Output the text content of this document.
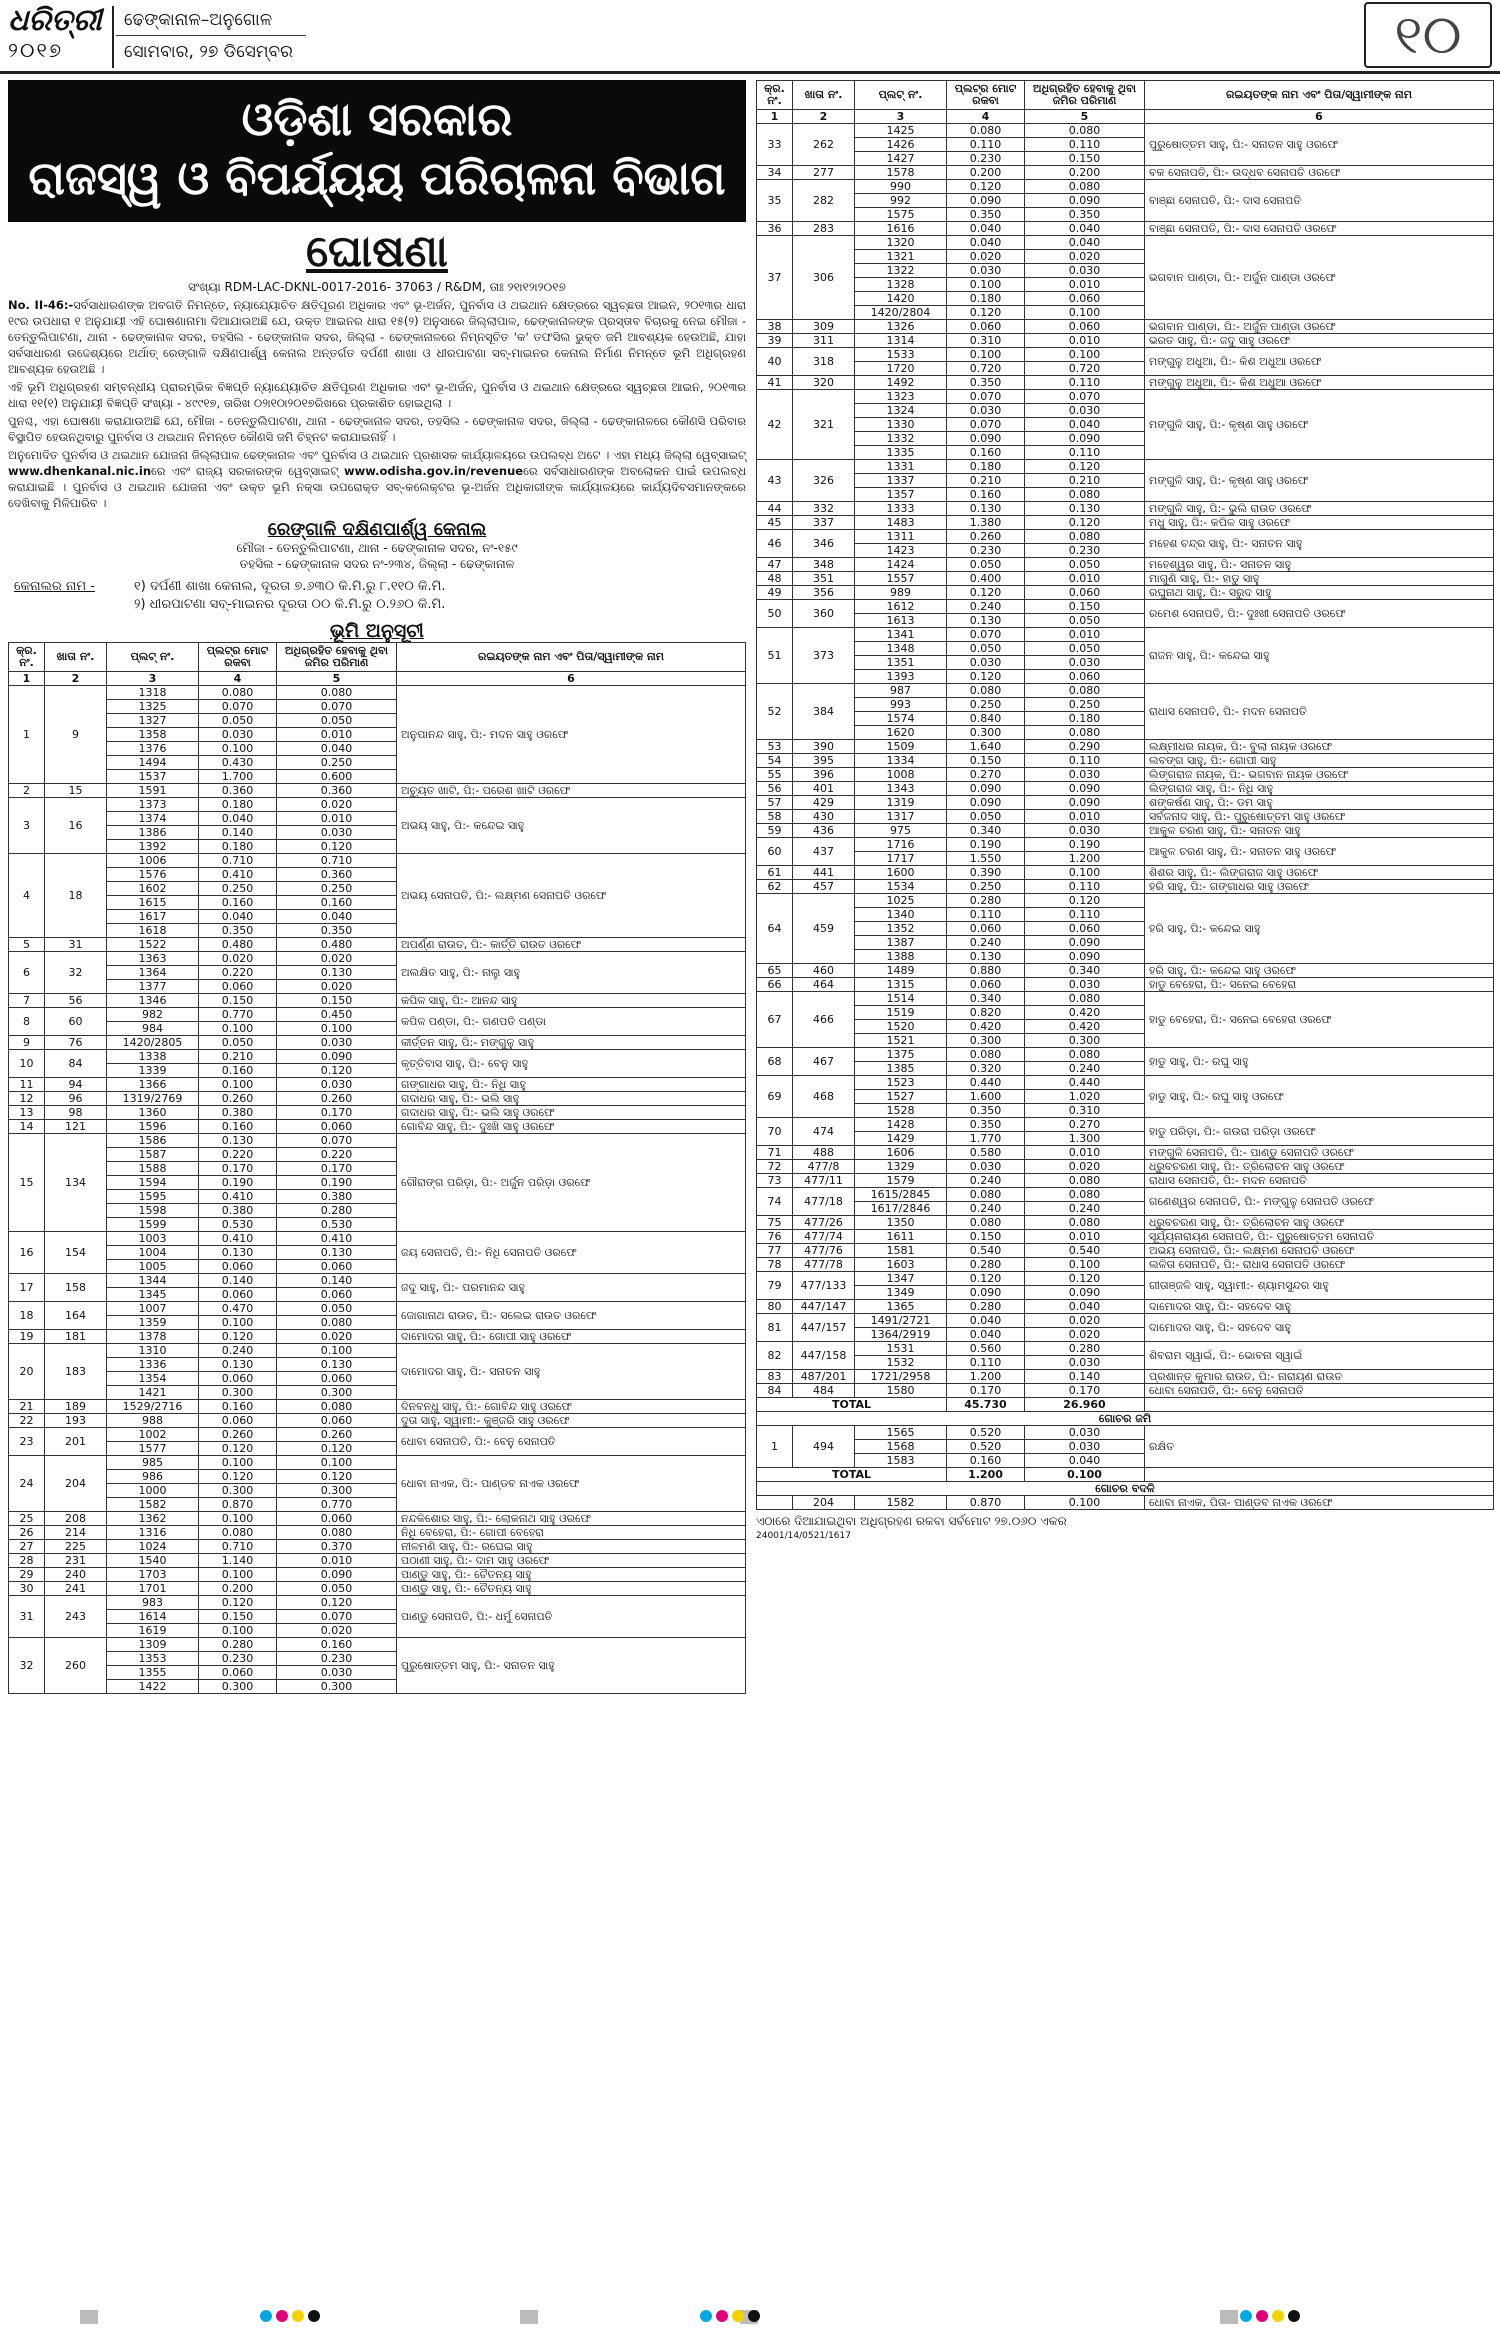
ଧରିତ୍ରୀ
୨୦୧୭
ଢେଙ୍କାନାଳ–ଅନୁଗୋଳ
ସୋମବାର, ୨୭ ଡିସେମ୍ବର	୧୦
ଓଡ଼ିଶା ସରକାର
ରାଜସ୍ୱ ଓ ବିପର୍ଯ୍ୟୟ ପରିଚାଳନା ବିଭାଗ
ଘୋଷଣା
ସଂଖ୍ୟା RDM-LAC-DKNL-0017-2016- 37063 / R&DM, ତାଃ ୨୧ା୧୨ା୨୦୧୭

No. II-46:-ସର୍ବସାଧାରଣଙ୍କ ଅବଗତି ନିମନ୍ତେ, ନ୍ୟାଯ୍ୟୋଚିତ କ୍ଷତିପୂରଣ ଅଧିକାର ଏବଂ ଭୂ-ଅର୍ଜନ, ପୁନର୍ବାସ ଓ ଥଇଥାନ କ୍ଷେତ୍ରରେ ସ୍ୱଚ୍ଛତା ଆଇନ, ୨୦୧୩ର ଧାରା ୧୯ର ଉପଧାରା ୧ ଅନୁଯାୟୀ ଏହି ଘୋଷଣାନାମା ଦିଆଯାଉଅଛି ଯେ, ଉକ୍ତ ଆଇନର ଧାରା ୧୫(୨) ଅନୁସାରେ ଜିଲ୍ଲାପାଳ, ଢେଙ୍କାନାଳଙ୍କ ପ୍ରସ୍ତାବ ବିଚାରକୁ ନେଇ ମୌଜା - ତେନ୍ତୁଲିପାଟଣା, ଥାନା - ଢେଙ୍କାନାଳ ସଦର, ତହସିଲ - ଢେଙ୍କାନାଳ ସଦର, ଜିଲ୍ଲା - ଢେଙ୍କାନାଳରେ ନିମ୍ନସୂଚିତ 'କ' ତଫସିଲ ଭୁକ୍ତ ଜମି ଆବଶ୍ୟକ ହେଉଅଛି, ଯାହା ସର୍ବସାଧାରଣ ଉଦ୍ଦେଶ୍ୟରେ ଅର୍ଥାତ୍ ରେଙ୍ଗାଳି ଦକ୍ଷିଣପାର୍ଶ୍ୱ କେନାଲ ଅନ୍ତର୍ଗତ ଦର୍ପଣୀ ଶାଖା ଓ ଧୀରପାଟଣା ସବ୍-ମାଇନର କେନାଲ ନିର୍ମାଣ ନିମନ୍ତେ ଭୂମି ଅଧିଗ୍ରହଣ ଆବଶ୍ୟକ ହେଉଅଛି ।

ଏହି ଭୂମି ଅଧିଗ୍ରହଣ ସମ୍ବନ୍ଧୀୟ ପ୍ରାରମ୍ଭିକ ବିଜ୍ଞପ୍ତି ନ୍ୟାଯ୍ୟୋଚିତ କ୍ଷତିପୂରଣ ଅଧିକାର ଏବଂ ଭୂ-ଅର୍ଜନ, ପୁନର୍ବାସ ଓ ଥଇଥାନ କ୍ଷେତ୍ରରେ ସ୍ୱଚ୍ଛତା ଆଇନ, ୨୦୧୩ର ଧାରା ୧୧(୧) ଅନୁଯାୟୀ ବିଜ୍ଞପ୍ତି ସଂଖ୍ୟା - ୪୯୯୧୭, ତାରିଖ ୦୨ା୧୦ା୨୦୧୭ରିଖରେ ପ୍ରକାଶିତ ହୋଇଥିଲା ।

ପୁନଶ୍ଚ, ଏହା ଘୋଷଣା କରାଯାଉଅଛି ଯେ, ମୌଜା - ତେନ୍ତୁଲିପାଟଣା, ଥାନା - ଢେଙ୍କାନାଳ ସଦର, ତହସିଲ - ଢେଙ୍କାନାଳ ସଦର, ଜିଲ୍ଲା - ଢେଙ୍କାନାଳରେ କୌଣସି ପରିବାର ବିସ୍ଥାପିତ ହେଉନଥିବାରୁ ପୁନର୍ବାସ ଓ ଥଇଥାନ ନିମନ୍ତେ କୌଣସି ଜମି ଚିହ୍ନଟ କରାଯାଇନାହିଁ ।

ଅନୁମୋଦିତ ପୁନର୍ବାସ ଓ ଥଇଥାନ ଯୋଜନା ଜିଲ୍ଲାପାଳ ଢେଙ୍କାନାଳ ଏବଂ ପୁନର୍ବାସ ଓ ଥଇଥାନ ପ୍ରଶାସକ କାର୍ଯ୍ୟାଳୟରେ ଉପଲବ୍ଧ ଅଟେ । ଏହା ମଧ୍ୟ ଜିଲ୍ଲା ୱେବ୍‌ସାଇଟ୍ www.dhenkanal.nic.inରେ ଏବଂ ରାଜ୍ୟ ସରକାରଙ୍କ ୱେବ୍‌ସାଇଟ୍ www.odisha.gov.in/revenueରେ ସର୍ବସାଧାରଣଙ୍କ ଅବଲୋକନ ପାଇଁ ଉପଲବ୍ଧ କରାଯାଇଛି । ପୁନର୍ବାସ ଓ ଥଇଥାନ ଯୋଜନା ଏବଂ ଉକ୍ତ ଭୂମି ନକ୍ସା ଉପରୋକ୍ତ ସବ୍-କଲେକ୍ଟର ଭୂ-ଅର୍ଜନ ଅଧିକାରୀଙ୍କ କାର୍ଯ୍ୟାଳୟରେ କାର୍ଯ୍ୟଦିବସମାନଙ୍କରେ ଦେଖିବାକୁ ମିଳିପାରିବ ।

ରେଙ୍ଗାଳି ଦକ୍ଷିଣପାର୍ଶ୍ୱ କେନାଲ
ମୌଜା - ତେନ୍ତୁଲିପାଟଣା, ଥାନା - ଢେଙ୍କାନାଳ ସଦର, ନଂ-୧୫୯
ତହସିଲ - ଢେଙ୍କାନାଳ ସଦର ନଂ-୨୩୪, ଜିଲ୍ଲା - ଢେଙ୍କାନାଳ
କେନାଲର ନାମ -	୧) ଦର୍ପଣୀ ଶାଖା କେନାଲ, ଦୂରତା ୭.୬୩୦ କି.ମି.ରୁ ୮.୧୧୦ କି.ମି.
୨) ଧୀରପାଟଣା ସବ୍-ମାଇନର ଦୂରତା ୦୦ କି.ମି.ରୁ ୦.୨୬୦ କି.ମି.
ଭୂମି ଅନୁସୂଚୀ
କ୍ର. ନଂ.	ଖାତା ନଂ.	ପ୍ଲଟ୍ ନଂ.	ପ୍ଲଟ୍‌ର ମୋଟ ରକବା	ଅଧିଗ୍ରହିତ ହେବାକୁ ଥିବା ଜମିର ପରିମାଣ	ରଇୟତଙ୍କ ନାମ ଏବଂ ପିତା/ସ୍ୱାମୀଙ୍କ ନାମ
1	2	3	4	5	6
1	9	1318	0.080	0.080	ଅନୁପାନନ୍ଦ ସାହୁ, ପି:- ମଦନ ସାହୁ ଓରଫେ
		1325	0.070	0.070	
		1327	0.050	0.050	
		1358	0.030	0.010	
		1376	0.100	0.040	
		1494	0.430	0.250	
		1537	1.700	0.600	
2	15	1591	0.360	0.360	ଅଚ୍ୟୁତ ଖାଟି, ପି:- ପରେଶ ଖାଟି ଓରଫେ
3	16	1373	0.180	0.020	ଅଭୟ ସାହୁ, ପି:- କନ୍ଦେଇ ସାହୁ
		1374	0.040	0.010	
		1386	0.140	0.030	
		1392	0.180	0.120	
4	18	1006	0.710	0.710	ଅଭୟ ସେନାପତି, ପି:- ଲକ୍ଷ୍ମଣ ସେନାପତି ଓରଫେ
		1576	0.410	0.360	
		1602	0.250	0.250	
		1615	0.160	0.160	
		1617	0.040	0.040	
		1618	0.350	0.350	
5	31	1522	0.480	0.480	ଅପର୍ଣ୍ଣ ରାଉତ, ପି:- କାର୍ତ୍ତି ରାଉତ ଓରଫେ
6	32	1363	0.020	0.020	ଅଲକ୍ଷିତ ସାହୁ, ପି:- ନାଲୁ ସାହୁ
		1364	0.220	0.130	
		1377	0.060	0.020	
7	56	1346	0.150	0.150	କପିଳ ସାହୁ, ପି:- ଆନନ୍ଦ ସାହୁ
8	60	982	0.770	0.450	କପିଳ ପଣ୍ଡା, ପି:- ଗଣପତି ପଣ୍ଡା
		984	0.100	0.100	
9	76	1420/2805	0.050	0.030	କୀର୍ତ୍ତନ ସାହୁ, ପି:- ମଙ୍ଗୁଳୁ ସାହୁ
10	84	1338	0.210	0.090	କୃତ୍ତିବାସ ସାହୁ, ପି:- ବେନୁ ସାହୁ
		1339	0.160	0.120	
11	94	1366	0.100	0.030	ଗଙ୍ଗାଧର ସାହୁ, ପି:- ନିଧି ସାହୁ
12	96	1319/2769	0.260	0.260	ଗଦାଧର ସାହୁ, ପି:- ଭଲି ସାହୁ
13	98	1360	0.380	0.170	ଗଦାଧର ସାହୁ, ପି:- ଭଲି ସାହୁ ଓରଫେ
14	121	1596	0.160	0.060	ଗୋବିନ୍ଦ ସାହୁ, ପି:- ଦୁଃଖି ସାହୁ ଓରଫେ
15	134	1586	0.130	0.070	ଗୌରାଙ୍ଗ ପରିଡ଼ା, ପି:- ଅର୍ଜୁନ ପରିଡ଼ା ଓରଫେ
		1587	0.220	0.220	
		1588	0.170	0.170	
		1594	0.190	0.190	
		1595	0.410	0.380	
		1598	0.380	0.280	
		1599	0.530	0.530	
16	154	1003	0.410	0.410	ଜୟ ସେନାପତି, ପି:- ନିଧି ସେନାପତି ଓରଫେ
		1004	0.130	0.130	
		1005	0.060	0.060	
17	158	1344	0.140	0.140	ଜଦୁ ସାହୁ, ପି:- ପରମାନନ୍ଦ ସାହୁ
		1345	0.060	0.060	
18	164	1007	0.470	0.050	ଜୋଗାନାଥ ରାଉତ, ପି:- ସଲେଇ ରାଉତ ଓରଫେ
		1359	0.100	0.080	
19	181	1378	0.120	0.020	ଦାମୋଦର ସାହୁ, ପି:- ଗୋପୀ ସାହୁ ଓରଫେ
20	183	1310	0.240	0.100	ଦାମୋଦର ସାହୁ, ପି:- ସନାତନ ସାହୁ
		1336	0.130	0.130	
		1354	0.060	0.060	
		1421	0.300	0.300	
21	189	1529/2716	0.160	0.080	ଦିନବନ୍ଧୁ ସାହୁ, ପି:- ଗୋବିନ୍ଦ ସାହୁ ଓରଫେ
22	193	988	0.060	0.060	ଦୁତା ସାହୁ, ସ୍ୱାମୀ:- କୁଞ୍ଜରି ସାହୁ ଓରଫେ
23	201	1002	0.260	0.260	ଧୋବା ସେନାପତି, ପି:- ବେନୁ ସେନାପତି
		1577	0.120	0.120	
24	204	985	0.100	0.100	ଧୋବା ନାଏକ, ପି:- ପାଣ୍ଡବ ନାଏକ ଓରଫେ
		986	0.120	0.120	
		1000	0.300	0.300	
		1582	0.870	0.770	
25	208	1362	0.100	0.060	ନନ୍ଦକିଶୋର ସାହୁ, ପି:- ଲୋକନାଥ ସାହୁ ଓରଫେ
26	214	1316	0.080	0.080	ନିଧି ବେହେରା, ପି:- ଗୋପୀ ବେହେରା
27	225	1024	0.710	0.370	ନୀଳମଣି ସାହୁ, ପି:- ରଘେଇ ସାହୁ
28	231	1540	1.140	0.010	ପଠାଣୀ ସାହୁ, ପି:- ଦାମ ସାହୁ ଓରଫେ
29	240	1703	0.100	0.090	ପାଣ୍ଡୁ ସାହୁ, ପି:- ଚୈତନ୍ୟ ସାହୁ
30	241	1701	0.200	0.050	ପାଣ୍ଡୁ ସାହୁ, ପି:- ଚୈତନ୍ୟ ସାହୁ
31	243	983	0.120	0.120	ପାଣ୍ଡୁ ସେନାପତି, ପି:- ଧର୍ମୁ ସେନାପତି
		1614	0.150	0.070	
		1619	0.100	0.020	
32	260	1309	0.280	0.160	ପୁରୁଷୋତ୍ତମ ସାହୁ, ପି:- ସନାତନ ସାହୁ
		1353	0.230	0.230	
		1355	0.060	0.030	
		1422	0.300	0.300	
କ୍ର. ନଂ.	ଖାତା ନଂ.	ପ୍ଲଟ୍ ନଂ.	ପ୍ଲଟ୍‌ର ମୋଟ ରକବା	ଅଧିଗ୍ରହିତ ହେବାକୁ ଥିବା ଜମିର ପରିମାଣ	ରଇୟତଙ୍କ ନାମ ଏବଂ ପିତା/ସ୍ୱାମୀଙ୍କ ନାମ
1	2	3	4	5	6
33	262	1425	0.080	0.080	ପୁରୁଷୋତ୍ତମ ସାହୁ, ପି:- ସନାତନ ସାହୁ ଓରଫେ
		1426	0.110	0.110	
		1427	0.230	0.150	
34	277	1578	0.200	0.200	ବକ ସେନାପତି, ପି:- ଉଦ୍ଧବ ସେନାପତି ଓରଫେ
35	282	990	0.120	0.080	ବାଞ୍ଛା ସେନାପତି, ପି:- ଦାସ ସେନାପତି
		992	0.090	0.090	
		1575	0.350	0.350	
36	283	1616	0.040	0.040	ବାଞ୍ଛା ସେନାପତି, ପି:- ଦାସ ସେନାପତି ଓରଫେ
37	306	1320	0.040	0.040	ଭଗବାନ ପାଣ୍ଡା, ପି:- ଅର୍ଜୁନ ପାଣ୍ଡା ଓରଫେ
		1321	0.020	0.020	
		1322	0.030	0.030	
		1328	0.100	0.010	
		1420	0.180	0.060	
		1420/2804	0.120	0.100	
38	309	1326	0.060	0.060	ଭଗବାନ ପାଣ୍ଡା, ପି:- ଅର୍ଜୁନ ପାଣ୍ଡା ଓରଫେ
39	311	1314	0.310	0.010	ଭରତ ସାହୁ, ପି:- ଜଦୁ ସାହୁ ଓରଫେ
40	318	1533	0.100	0.100	ମଙ୍ଗୁଳୁ ଅଧୁଆ, ପି:- କିଶ ଅଧୁଆ ଓରଫେ
		1720	0.720	0.720	
41	320	1492	0.350	0.110	ମଙ୍ଗୁଳୁ ଅଧୁଆ, ପି:- କିଶ ଅଧୁଆ ଓରଫେ
42	321	1323	0.070	0.070	ମଙ୍ଗୁଳି ସାହୁ, ପି:- କୃଷ୍ଣ ସାହୁ ଓରଫେ
		1324	0.030	0.030	
		1330	0.070	0.040	
		1332	0.090	0.090	
		1335	0.160	0.110	
43	326	1331	0.180	0.120	ମଙ୍ଗୁଳି ସାହୁ, ପି:- କୃଷ୍ଣ ସାହୁ ଓରଫେ
		1337	0.210	0.210	
		1357	0.160	0.080	
44	332	1333	0.130	0.130	ମଙ୍ଗୁଳି ସାହୁ, ପି:- ଭୁଲି ରାଉତ ଓରଫେ
45	337	1483	1.380	0.120	ମଧୁ ସାହୁ, ପି:- କପିଳ ସାହୁ ଓରଫେ
46	346	1311	0.260	0.080	ମହେଶ ଚନ୍ଦ୍ର ସାହୁ, ପି:- ସନାତନ ସାହୁ
		1423	0.230	0.230	
47	348	1424	0.050	0.050	ମହେଶ୍ୱର ସାହୁ, ପି:- ସନାତନ ସାହୁ
48	351	1557	0.400	0.010	ମାଗୁଣି ସାହୁ, ପି:- ହାଡୁ ସାହୁ
49	356	989	0.120	0.060	ରଘୁନାଥ ସାହୁ, ପି:- ସରୁଦ ସାହୁ
50	360	1612	0.240	0.150	ରମେଶ ସେନାପତି, ପି:- ଦୁଃଖୀ ସେନାପତି ଓରଫେ
		1613	0.130	0.050	
51	373	1341	0.070	0.010	ରାଜନ ସାହୁ, ପି:- କନ୍ଦେଇ ସାହୁ
		1348	0.050	0.050	
		1351	0.030	0.030	
		1393	0.120	0.060	
52	384	987	0.080	0.080	ରାଧାସ ସେନାପତି, ପି:- ମଦନ ସେନାପତି
		993	0.250	0.250	
		1574	0.840	0.180	
		1620	0.300	0.080	
53	390	1509	1.640	0.290	ଲକ୍ଷ୍ମୀଧର ନାୟକ, ପି:- ବୁଲା ନାୟକ ଓରଫେ
54	395	1334	0.150	0.110	ଲବଙ୍ଗ ସାହୁ, ପି:- ଗୋପୀ ସାହୁ
55	396	1008	0.270	0.030	ଲିଙ୍ଗରାଜ ନାୟକ, ପି:- ଭଗବାନ ନାୟକ ଓରଫେ
56	401	1343	0.090	0.090	ଲିଙ୍ଗରାଜ ସାହୁ, ପି:- ନିଧି ସାହୁ
57	429	1319	0.090	0.090	ଶଙ୍କର୍ଷଣ ସାହୁ, ପି:- ଡମ ସାହୁ
58	430	1317	0.050	0.010	ସର୍ବଜନାଦ ସାହୁ, ପି:- ପୁରୁଷୋତ୍ତମ ସାହୁ ଓରଫେ
59	436	975	0.340	0.030	ଆକୁଳ ଚରଣ ସାହୁ, ପି:- ସନାତନ ସାହୁ
60	437	1716	0.190	0.190	ଆକୁଳ ଚରଣ ସାହୁ, ପି:- ସନାତନ ସାହୁ ଓରଫେ
		1717	1.550	1.200	
61	441	1600	0.390	0.100	ଶିଶର ସାହୁ, ପି:- ଲିଙ୍ଗରାଜ ସାହୁ ଓରଫେ
62	457	1534	0.250	0.110	ହରି ସାହୁ, ପି:- ଗଙ୍ଗାଧର ସାହୁ ଓରଫେ
64	459	1025	0.280	0.120	ହରି ସାହୁ, ପି:- କନ୍ଦେଇ ସାହୁ
		1340	0.110	0.110	
		1352	0.060	0.060	
		1387	0.240	0.090	
		1388	0.130	0.090	
65	460	1489	0.880	0.340	ହରି ସାହୁ, ପି:- କନ୍ଦେଇ ସାହୁ ଓରଫେ
66	464	1315	0.060	0.030	ହାଡୁ ବେହେରା, ପି:- ସନେଇ ବେହେରା
67	466	1514	0.340	0.080	ହାଡୁ ବେହେରା, ପି:- ସନେଇ ବେହେରା ଓରଫେ
		1519	0.820	0.420	
		1520	0.420	0.420	
		1521	0.300	0.300	
68	467	1375	0.080	0.080	ହାଡୁ ସାହୁ, ପି:- ରଘୁ ସାହୁ
		1385	0.320	0.240	
69	468	1523	0.440	0.440	ହାଡୁ ସାହୁ, ପି:- ରଘୁ ସାହୁ ଓରଫେ
		1527	1.600	1.020	
		1528	0.350	0.310	
70	474	1428	0.350	0.270	ହାଡୁ ପରିଡ଼ା, ପି:- ଗଉରା ପରିଡ଼ା ଓରଫେ
		1429	1.770	1.300	
71	488	1606	0.580	0.010	ମଙ୍ଗୁଳି ସେନାପତି, ପି:- ପାଣ୍ଡୁ ସେନାପତି ଓରଫେ
72	477/8	1329	0.030	0.020	ଧ୍ରୁବଚରଣ ସାହୁ, ପି:- ତ୍ରିଲୋଚନ ସାହୁ ଓରଫେ
73	477/11	1579	0.240	0.080	ରାଧାସ ସେନାପତି, ପି:- ମଦନ ସେନାପତି
74	477/18	1615/2845	0.080	0.080	ଗଣେଶ୍ୱର ସେନାପତି, ପି:- ମଙ୍ଗୁଳୁ ସେନାପତି ଓରଫେ
		1617/2846	0.240	0.240	
75	477/26	1350	0.080	0.080	ଧ୍ରୁବଚରଣ ସାହୁ, ପି:- ତ୍ରିଲୋଚନ ସାହୁ ଓରଫେ
76	477/74	1611	0.150	0.010	ସୂର୍ଯ୍ୟନାରାୟଣ ସେନାପତି, ପି:- ପୁରୁଷୋତ୍ତମ ସେନାପତି
77	477/76	1581	0.540	0.540	ଅଭୟ ସେନାପତି, ପି:- ଲକ୍ଷ୍ମଣ ସେନାପତି ଓରଫେ
78	477/78	1603	0.280	0.100	ଲଳିତା ସେନାପତି, ପି:- ରାଧାସ ସେନାପତି ଓରଫେ
79	477/133	1347	0.120	0.120	ଗୀତାଞ୍ଜଳି ସାହୁ, ସ୍ୱାମୀ:- ଶ୍ୟାମସୁନ୍ଦର ସାହୁ
		1349	0.090	0.090	
80	447/147	1365	0.280	0.040	ଦାମୋଦର ସାହୁ, ପି:- ସହଦେବ ସାହୁ
81	447/157	1491/2721	0.040	0.020	ଦାମୋଦର ସାହୁ, ପି:- ସହଦେବ ସାହୁ
		1364/2919	0.040	0.020	
82	447/158	1531	0.560	0.280	ଶିବରାମ ସ୍ୱାଇଁ, ପି:- ଭୋବନା ସ୍ୱାଇଁ
		1532	0.110	0.030	
83	487/201	1721/2958	1.200	0.140	ପ୍ରଶାନ୍ତ କୁମାର ରାଉତ, ପି:- ନାରାୟଣ ରାଉତ
84	484	1580	0.170	0.170	ଧୋବା ସେନାପତି, ପି:- ବେନୁ ସେନାପତି
TOTAL			45.730	26.960	
ଗୋଚର ଜମି					
1	494	1565	0.520	0.030	ରକ୍ଷିତ
		1568	0.520	0.030	
		1583	0.160	0.040	
TOTAL			1.200	0.100	
ଗୋଚର ବଦଳି					
	204	1582	0.870	0.100	ଧୋବା ନାଏକ, ପିତା- ପାଣ୍ଡବ ନାଏକ ଓରଫେ
ଏଠାରେ ଦିଆଯାଇଥିବା ଅଧିଗ୍ରହଣ ରକବା ସର୍ବମୋଟ ୨୭.୦୬୦ ଏକର
24001/14/0521/1617
